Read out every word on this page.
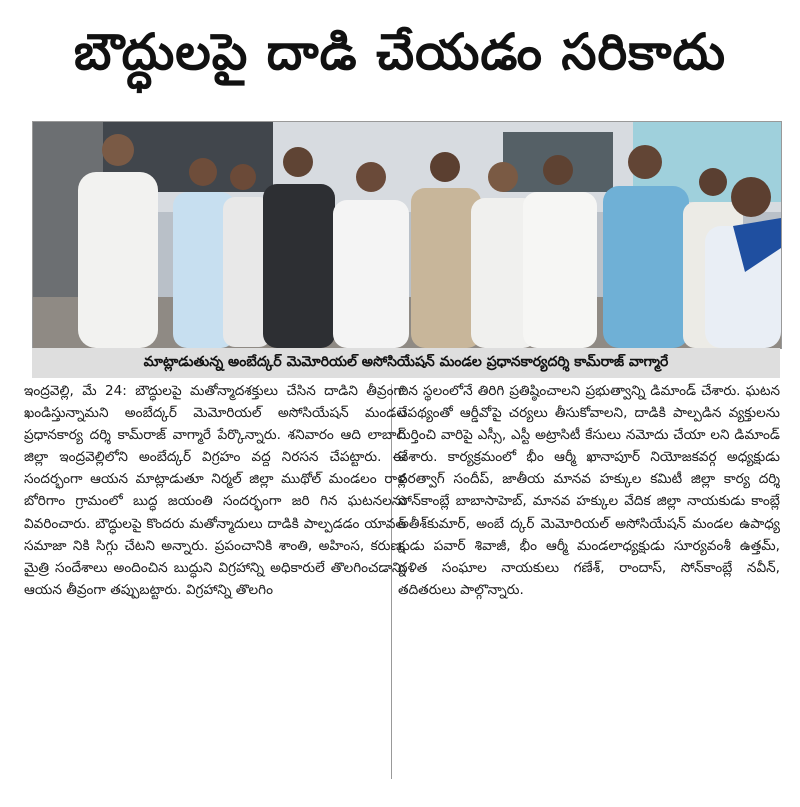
బౌద్ధులపై దాడి చేయడం సరికాదు
మాట్లాడుతున్న అంబేద్కర్ మెమోరియల్ అసోసియేషన్ మండల ప్రధానకార్యదర్శి కామ్‌రాజ్ వాగ్మారే

ఇంద్రవెల్లి, మే 24: బౌద్ధులపై మతోన్మాదశక్తులు చేసిన దాడిని తీవ్రంగా ఖండిస్తున్నామని అంబేద్కర్ మెమోరియల్ అసోసియేషన్ మండల ప్రధానకార్య దర్శి కామ్‌రాజ్ వాగ్మారే పేర్కొన్నారు. శనివారం ఆది లాబాద్ జిల్లా ఇంద్రవెల్లిలోని అంబేద్కర్ విగ్రహం వద్ద నిరసన చేపట్టారు. ఈ సందర్భంగా ఆయన మాట్లాడుతూ నిర్మల్ జిల్లా ముథోల్ మండలం రాళ్ల బోరిగాం గ్రామంలో బుద్ధ జయంతి సందర్భంగా జరి గిన ఘటనలను వివరించారు. బౌద్ధులపై కొందరు మతోన్మాదులు దాడికి పాల్పడడం యావత్ సమాజా నికి సిగ్గు చేటని అన్నారు. ప్రపంచానికి శాంతి, అహింస, కరుణ, మైత్రి సందేశాలు అందించిన బుద్ధుని విగ్రహాన్ని అధికారులే తొలగించడాన్ని ఆయన తీవ్రంగా తప్పుబట్టారు. విగ్రహాన్ని తొలగిం

చిన స్థలంలోనే తిరిగి ప్రతిష్ఠించాలని ప్రభుత్వాన్ని డిమాండ్ చేశారు. ఘటన నేపథ్యంతో ఆర్డీవోపై చర్యలు తీసుకోవాలని, దాడికి పాల్పడిన వ్యక్తులను గుర్తించి వారిపై ఎస్సీ, ఎస్టీ అట్రాసిటీ కేసులు నమోదు చేయా లని డిమాండ్ చేశారు. కార్యక్రమంలో భీం ఆర్మీ ఖానాపూర్ నియోజకవర్గ అధ్యక్షుడు పరత్వాగ్ సందీప్, జాతీయ మానవ హక్కుల కమిటీ జిల్లా కార్య దర్శి సోన్‌కాంబ్లే బాబాసాహెబ్, మానవ హక్కుల వేదిక జిల్లా నాయకుడు కాంబ్లే అతీశ్‌కుమార్, అంబే ద్కర్ మెమోరియల్ అసోసియేషన్ మండల ఉపాధ్య క్షుడు పవార్ శివాజీ, భీం ఆర్మీ మండలాధ్యక్షుడు సూర్యవంశీ ఉత్తమ్, దళిత సంఘాల నాయకులు గణేశ్, రాందాస్, సోన్‌కాంబ్లే నవీన్, తదితరులు పాల్గొన్నారు.
